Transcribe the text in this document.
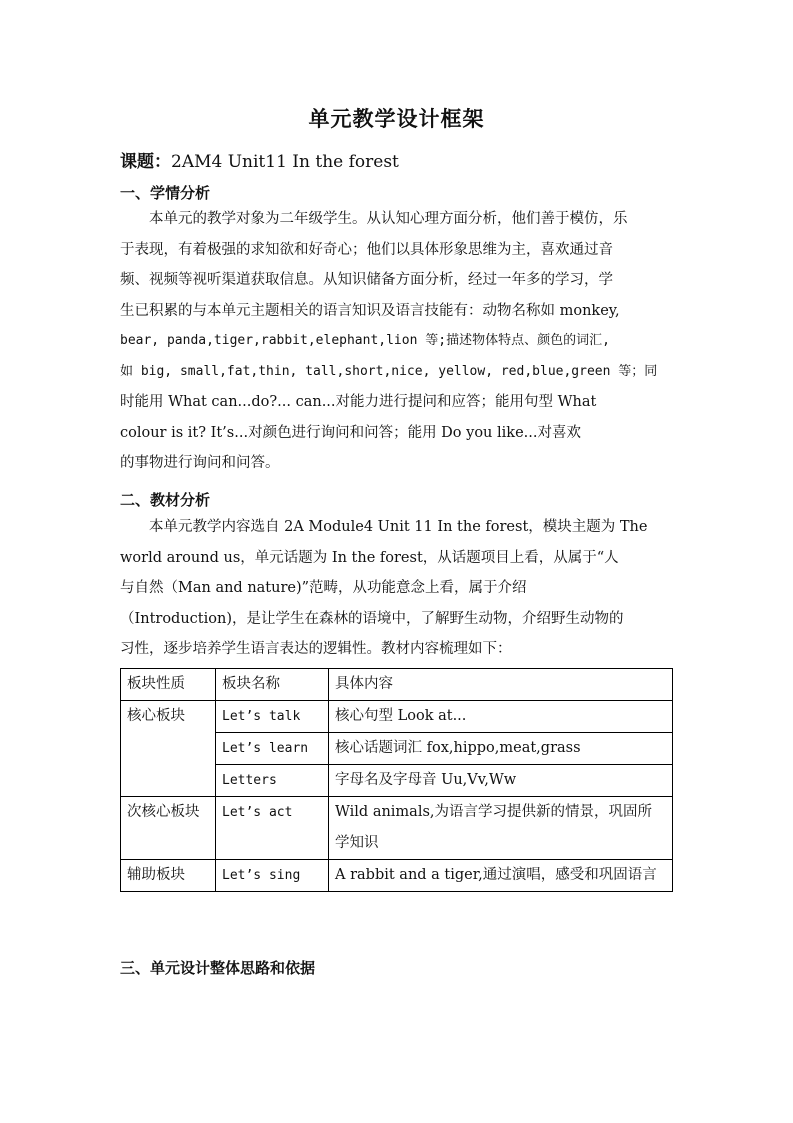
单元教学设计框架
课题：2AM4 Unit11 In the forest
一、学情分析
　　本单元的教学对象为二年级学生。从认知心理方面分析，他们善于模仿，乐
于表现，有着极强的求知欲和好奇心；他们以具体形象思维为主，喜欢通过音
频、视频等视听渠道获取信息。从知识储备方面分析，经过一年多的学习，学
生已积累的与本单元主题相关的语言知识及语言技能有：动物名称如 monkey,
bear, panda,tiger,rabbit,elephant,lion 等;描述物体特点、颜色的词汇,
如 big, small,fat,thin, tall,short,nice, yellow, red,blue,green 等；同
时能用 What can...do?... can...对能力进行提问和应答；能用句型 What
colour is it? It’s...对颜色进行询问和问答；能用 Do you like...对喜欢
的事物进行询问和问答。
二、教材分析
　　本单元教学内容选自 2A Module4 Unit 11 In the forest，模块主题为 The
world around us，单元话题为 In the forest，从话题项目上看，从属于“人
与自然（Man and nature)”范畴，从功能意念上看，属于介绍
（Introduction)，是让学生在森林的语境中，了解野生动物，介绍野生动物的
习性，逐步培养学生语言表达的逻辑性。教材内容梳理如下：
板块性质	板块名称	具体内容
核心板块	Let’s talk	核心句型 Look at...
	Let’s learn	核心话题词汇 fox,hippo,meat,grass
	Letters	字母名及字母音 Uu,Vv,Ww
次核心板块	Let’s act	Wild animals,为语言学习提供新的情景，巩固所学知识
辅助板块	Let’s sing	A rabbit and a tiger,通过演唱，感受和巩固语言
三、单元设计整体思路和依据
